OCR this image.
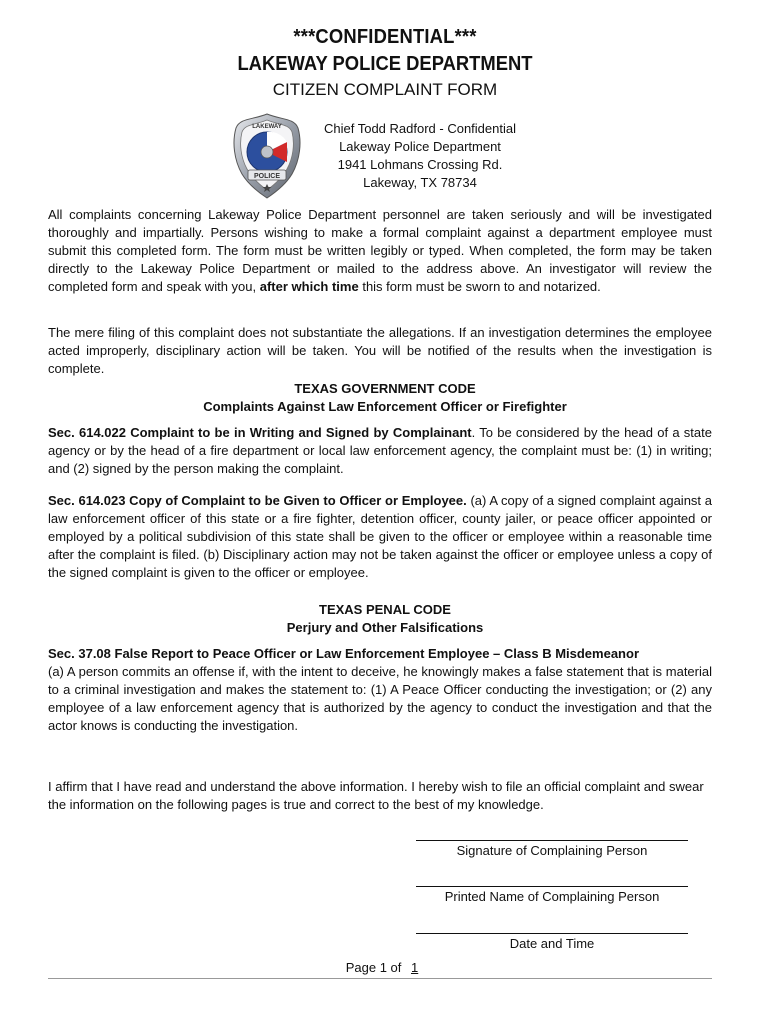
***CONFIDENTIAL***
LAKEWAY POLICE DEPARTMENT
CITIZEN COMPLAINT FORM
POLICE
LAKEWAY	Chief Todd Radford - Confidential
Lakeway Police Department
1941 Lohmans Crossing Rd.
Lakeway, TX 78734
All complaints concerning Lakeway Police Department personnel are taken seriously and will be investigated thoroughly and impartially. Persons wishing to make a formal complaint against a department employee must submit this completed form. The form must be written legibly or typed. When completed, the form may be taken directly to the Lakeway Police Department or mailed to the address above. An investigator will review the completed form and speak with you, after which time this form must be sworn to and notarized.
The mere filing of this complaint does not substantiate the allegations. If an investigation determines the employee acted improperly, disciplinary action will be taken. You will be notified of the results when the investigation is complete.
TEXAS GOVERNMENT CODE
Complaints Against Law Enforcement Officer or Firefighter
Sec. 614.022 Complaint to be in Writing and Signed by Complainant. To be considered by the head of a state agency or by the head of a fire department or local law enforcement agency, the complaint must be: (1) in writing; and (2) signed by the person making the complaint.
Sec. 614.023 Copy of Complaint to be Given to Officer or Employee. (a) A copy of a signed complaint against a law enforcement officer of this state or a fire fighter, detention officer, county jailer, or peace officer appointed or employed by a political subdivision of this state shall be given to the officer or employee within a reasonable time after the complaint is filed. (b) Disciplinary action may not be taken against the officer or employee unless a copy of the signed complaint is given to the officer or employee.
TEXAS PENAL CODE
Perjury and Other Falsifications
Sec. 37.08 False Report to Peace Officer or Law Enforcement Employee – Class B Misdemeanor
(a) A person commits an offense if, with the intent to deceive, he knowingly makes a false statement that is material to a criminal investigation and makes the statement to: (1) A Peace Officer conducting the investigation; or (2) any employee of a law enforcement agency that is authorized by the agency to conduct the investigation and that the actor knows is conducting the investigation.
I affirm that I have read and understand the above information. I hereby wish to file an official complaint and swear the information on the following pages is true and correct to the best of my knowledge.
Signature of Complaining Person
Printed Name of Complaining Person
Date and Time
Page 1 of 1
